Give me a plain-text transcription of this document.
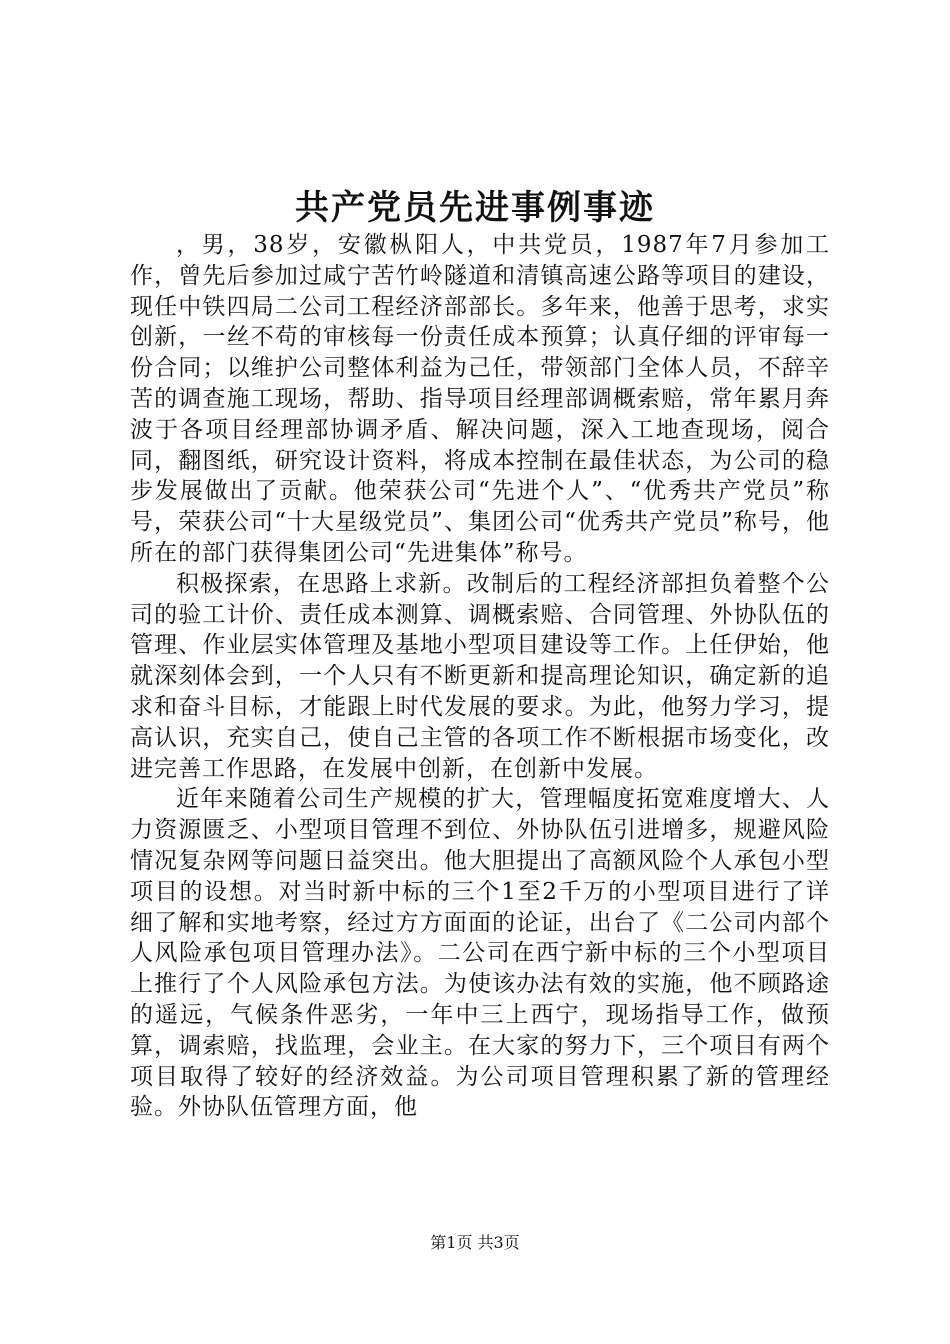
共产党员先进事例事迹

，男，38岁，安徽枞阳人，中共党员，1987年7月参加工作，曾先后参加过咸宁苦竹岭隧道和清镇高速公路等项目的建设，现任中铁四局二公司工程经济部部长。多年来，他善于思考，求实创新，一丝不苟的审核每一份责任成本预算；认真仔细的评审每一份合同；以维护公司整体利益为己任，带领部门全体人员，不辞辛苦的调查施工现场，帮助、指导项目经理部调概索赔，常年累月奔波于各项目经理部协调矛盾、解决问题，深入工地查现场，阅合同，翻图纸，研究设计资料，将成本控制在最佳状态，为公司的稳步发展做出了贡献。他荣获公司“先进个人”、“优秀共产党员”称号，荣获公司“十大星级党员”、集团公司“优秀共产党员”称号，他所在的部门获得集团公司“先进集体”称号。

积极探索，在思路上求新。改制后的工程经济部担负着整个公司的验工计价、责任成本测算、调概索赔、合同管理、外协队伍的管理、作业层实体管理及基地小型项目建设等工作。上任伊始，他就深刻体会到，一个人只有不断更新和提高理论知识，确定新的追求和奋斗目标，才能跟上时代发展的要求。为此，他努力学习，提高认识，充实自己，使自己主管的各项工作不断根据市场变化，改进完善工作思路，在发展中创新，在创新中发展。

近年来随着公司生产规模的扩大，管理幅度拓宽难度增大、人力资源匮乏、小型项目管理不到位、外协队伍引进增多，规避风险情况复杂网等问题日益突出。他大胆提出了高额风险个人承包小型项目的设想。对当时新中标的三个1至2千万的小型项目进行了详细了解和实地考察，经过方方面面的论证，出台了《二公司内部个人风险承包项目管理办法》。二公司在西宁新中标的三个小型项目上推行了个人风险承包方法。为使该办法有效的实施，他不顾路途的遥远，气候条件恶劣，一年中三上西宁，现场指导工作，做预算，调索赔，找监理，会业主。在大家的努力下，三个项目有两个项目取得了较好的经济效益。为公司项目管理积累了新的管理经验。外协队伍管理方面，他

第1页 共3页
